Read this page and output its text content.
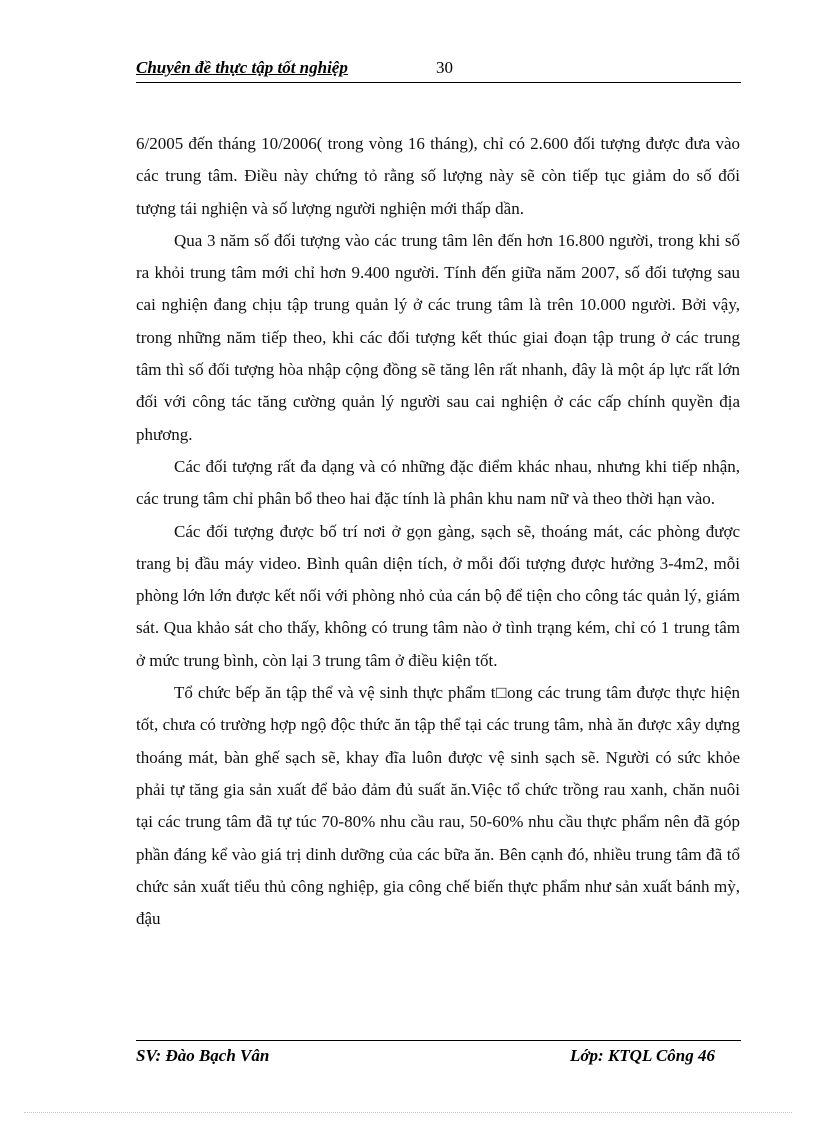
Chuyên đề thực tập tốt nghiệp	30

6/2005 đến tháng 10/2006( trong vòng 16 tháng), chỉ có 2.600 đối tượng được đưa vào các trung tâm. Điều này chứng tỏ rằng số lượng này sẽ còn tiếp tục giảm do số đối tượng tái nghiện và số lượng người nghiện mới thấp dần.

Qua 3 năm số đối tượng vào các trung tâm lên đến hơn 16.800 người, trong khi số ra khỏi trung tâm mới chỉ hơn 9.400 người. Tính đến giữa năm 2007, số đối tượng sau cai nghiện đang chịu tập trung quản lý ở các trung tâm là trên 10.000 người. Bởi vậy, trong những năm tiếp theo, khi các đối tượng kết thúc giai đoạn tập trung ở các trung tâm thì số đối tượng hòa nhập cộng đồng sẽ tăng lên rất nhanh, đây là một áp lực rất lớn đối với công tác tăng cường quản lý người sau cai nghiện ở các cấp chính quyền địa phương.

Các đối tượng rất đa dạng và có những đặc điểm khác nhau, nhưng khi tiếp nhận, các trung tâm chỉ phân bổ theo hai đặc tính là phân khu nam nữ và theo thời hạn vào.

Các đối tượng được bố trí nơi ở gọn gàng, sạch sẽ, thoáng mát, các phòng được trang bị đầu máy video. Bình quân diện tích, ở mỗi đối tượng được hưởng 3-4m2, mỗi phòng lớn lớn được kết nối với phòng nhỏ của cán bộ để tiện cho công tác quản lý, giám sát. Qua khảo sát cho thấy, không có trung tâm nào ở tình trạng kém, chỉ có 1 trung tâm ở mức trung bình, còn lại 3 trung tâm ở điều kiện tốt.

Tổ chức bếp ăn tập thể và vệ sinh thực phẩm t□ong các trung tâm được thực hiện tốt, chưa có trường hợp ngộ độc thức ăn tập thể tại các trung tâm, nhà ăn được xây dựng thoáng mát, bàn ghế sạch sẽ, khay đĩa luôn được vệ sinh sạch sẽ. Người có sức khỏe phải tự tăng gia sản xuất để bảo đảm đủ suất ăn.Việc tổ chức trồng rau xanh, chăn nuôi tại các trung tâm đã tự túc 70-80% nhu cầu rau, 50-60% nhu cầu thực phẩm nên đã góp phần đáng kể vào giá trị dinh dưỡng của các bữa ăn. Bên cạnh đó, nhiều trung tâm đã tổ chức sản xuất tiểu thủ công nghiệp, gia công chế biến thực phẩm như sản xuất bánh mỳ, đậu

SV: Đào Bạch Vân	Lớp: KTQL Công 46
